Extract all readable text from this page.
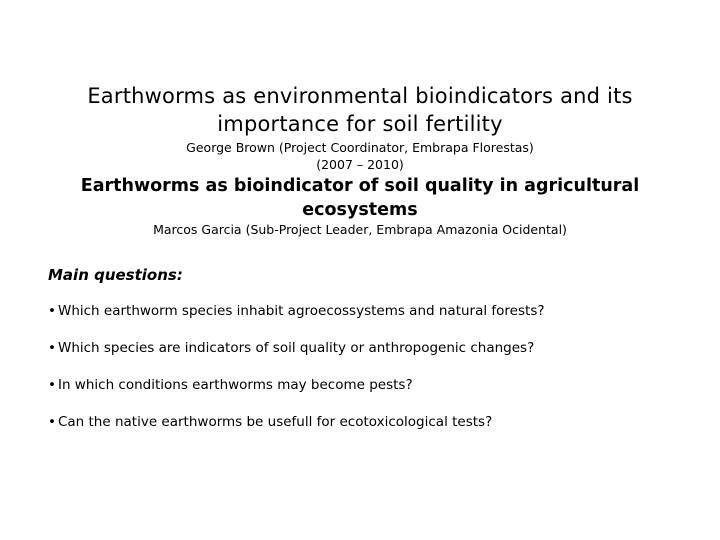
Earthworms as environmental bioindicators and its
importance for soil fertility
George Brown (Project Coordinator, Embrapa Florestas)
(2007 – 2010)
Earthworms as bioindicator of soil quality in agricultural
ecosystems
Marcos Garcia (Sub-Project Leader, Embrapa Amazonia Ocidental)
Main questions:
• Which earthworm species inhabit agroecossystems and natural forests?
• Which species are indicators of soil quality or anthropogenic changes?
• In which conditions earthworms may become pests?
• Can the native earthworms be usefull for ecotoxicological tests?
